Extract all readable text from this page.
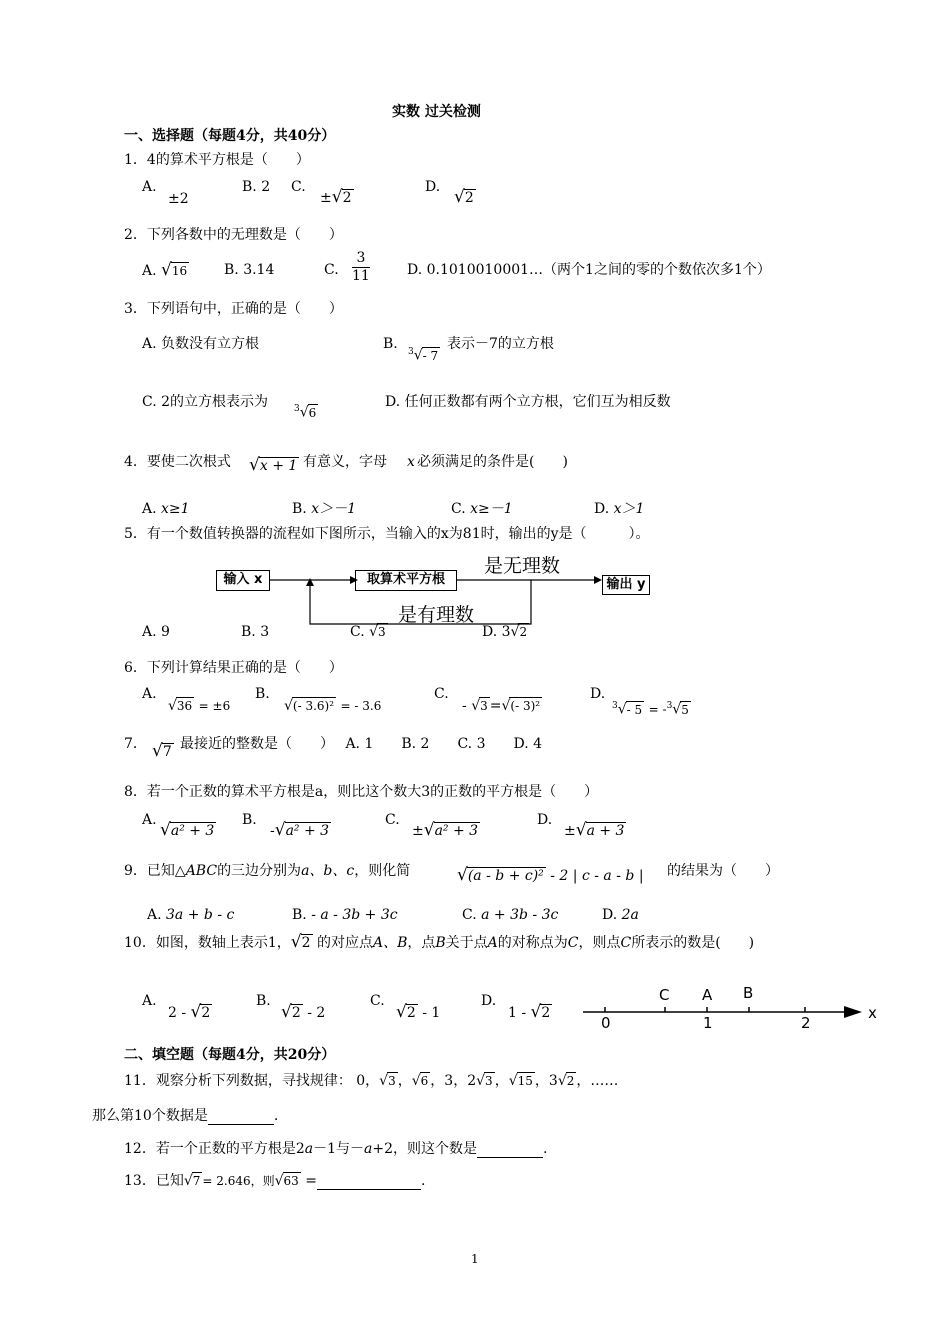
实数 过关检测
一、选择题（每题4分，共40分）
1．4的算术平方根是（　　）
A.
±2
B. 2 C.
±√2
D. √2
2．下列各数中的无理数是（　　）
A. √16	B. 3.14	C. $\frac{3}{11}$	D. 0.1010010001…（两个1之间的零的个数依次多1个）
3．下列语句中，正确的是（　　）
A. 负数没有立方根	B. $^3$√- 7
表示－7的立方根
C. 2的立方根表示为	$^3$√6
D. 任何正数都有两个立方根，它们互为相反数
4．要使二次根式 √x + 1 有意义，字母 x 必须满足的条件是(　　)
A. x≥1	B. x＞－1	C. x≥－1	D. x＞1
5．有一个数值转换器的流程如下图所示，当输入的x为81时，输出的y是（　　　）。
输入 x	取算术平方根	输出 y
是无理数
是有理数
A. 9	B. 3	C. √3	D. 3√2
6．下列计算结果正确的是（　　）
A.
√36 = ±6
B.
√(- 3.6)² = - 3.6
C.
- √3 =√(- 3)²
D.
$^3$√- 5 = -$^3$√5
7． √7 最接近的整数是（　　）　 A. 1　　B. 2　　C. 3　　D. 4
8．若一个正数的算术平方根是a，则比这个数大3的正数的平方根是（　　）
A. √a² + 3
B.
-√a² + 3
C.
±√a² + 3
D.
±√a + 3
9．已知△ABC的三边分别为a、b、c，则化简	√(a - b + c)² - 2 | c - a - b | 的结果为（　　）
A. 3a + b - c	B. - a - 3b + 3c	C. a + 3b - 3c	D. 2a
10．如图，数轴上表示1，√2 的对应点A、B，点B关于点A的对称点为C，则点C所表示的数是(　　)
A.
2 - √2
B.
√2 - 2
C.
√2 - 1
D.
1 - √2
C A B
0	1	2
x
二、填空题（每题4分，共20分）
11．观察分析下列数据，寻找规律： 0，√3 ，√6 ，3，2√3 ，√15 ，3√2 ，……
那么第10个数据是	.
12．若一个正数的平方根是2a－1与－a+2，则这个数是	.
13．已知√7 = 2.646，则√63 =	.
1
